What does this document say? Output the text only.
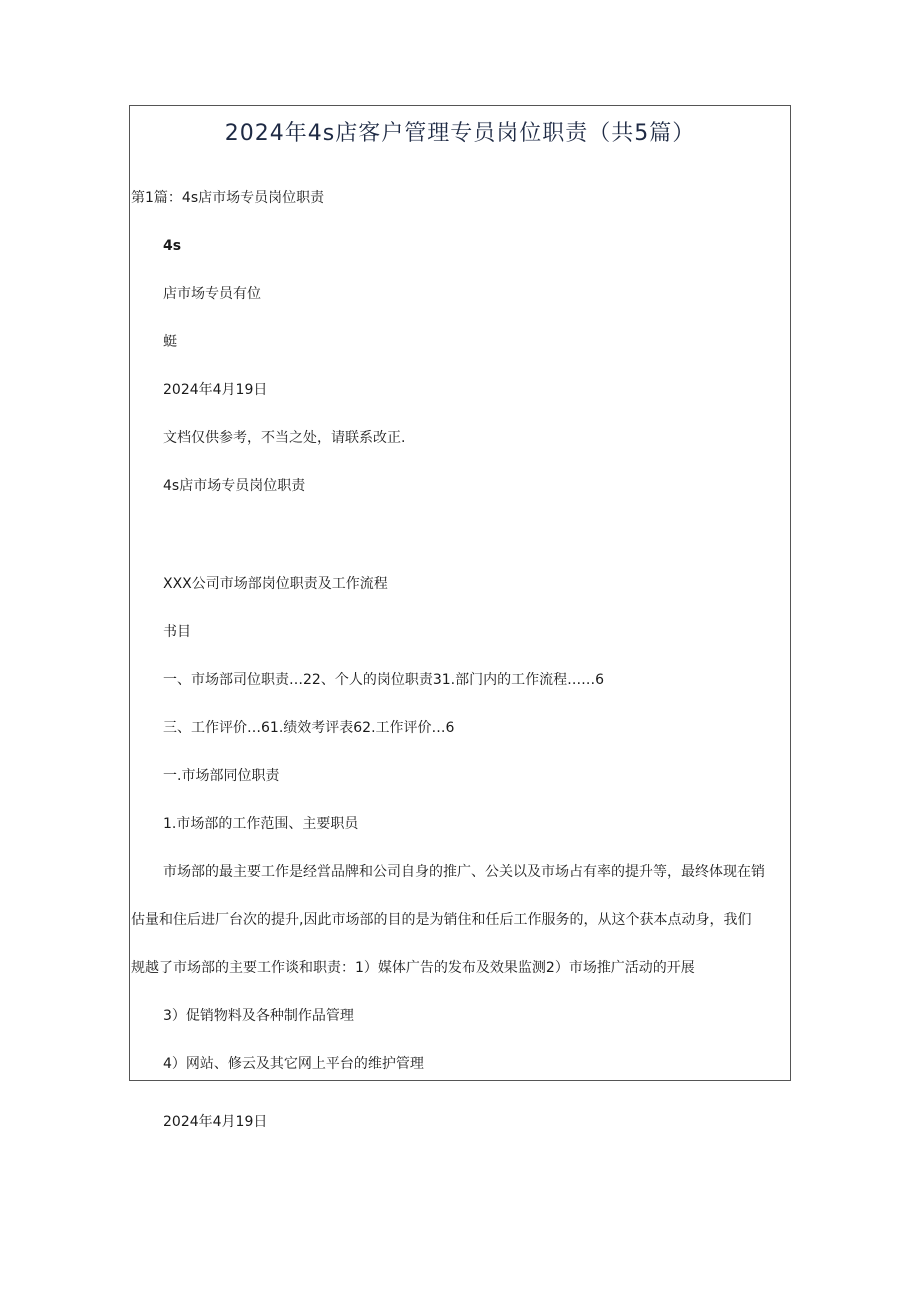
2024年4s店客户管理专员岗位职责（共5篇）
第1篇：4s店市场专员岗位职责
4s
店市场专员有位
蜓
2024年4月19日
文档仅供参考，不当之处，请联系改正.
4s店市场专员岗位职责
XXX公司市场部岗位职责及工作流程
书目
一、市场部司位职责…22、个人的岗位职责31.部门内的工作流程……6
三、工作评价…61.绩效考评表62.工作评价…6
一.市场部同位职责
1.市场部的工作范围、主要职员
市场部的最主要工作是经営品牌和公司自身的推广、公关以及市场占有率的提升等，最终体现在销
估量和住后进厂台次的提升,因此市场部的目的是为销住和任后工作服务的，从这个获本点动身，我们
规越了市场部的主要工作谈和职责：1）媒体广告的发布及效果监测2）市场推广活动的开展
3）促销物料及各种制作品管理
4）网站、修云及其它网上平台的维护管理
2024年4月19日
